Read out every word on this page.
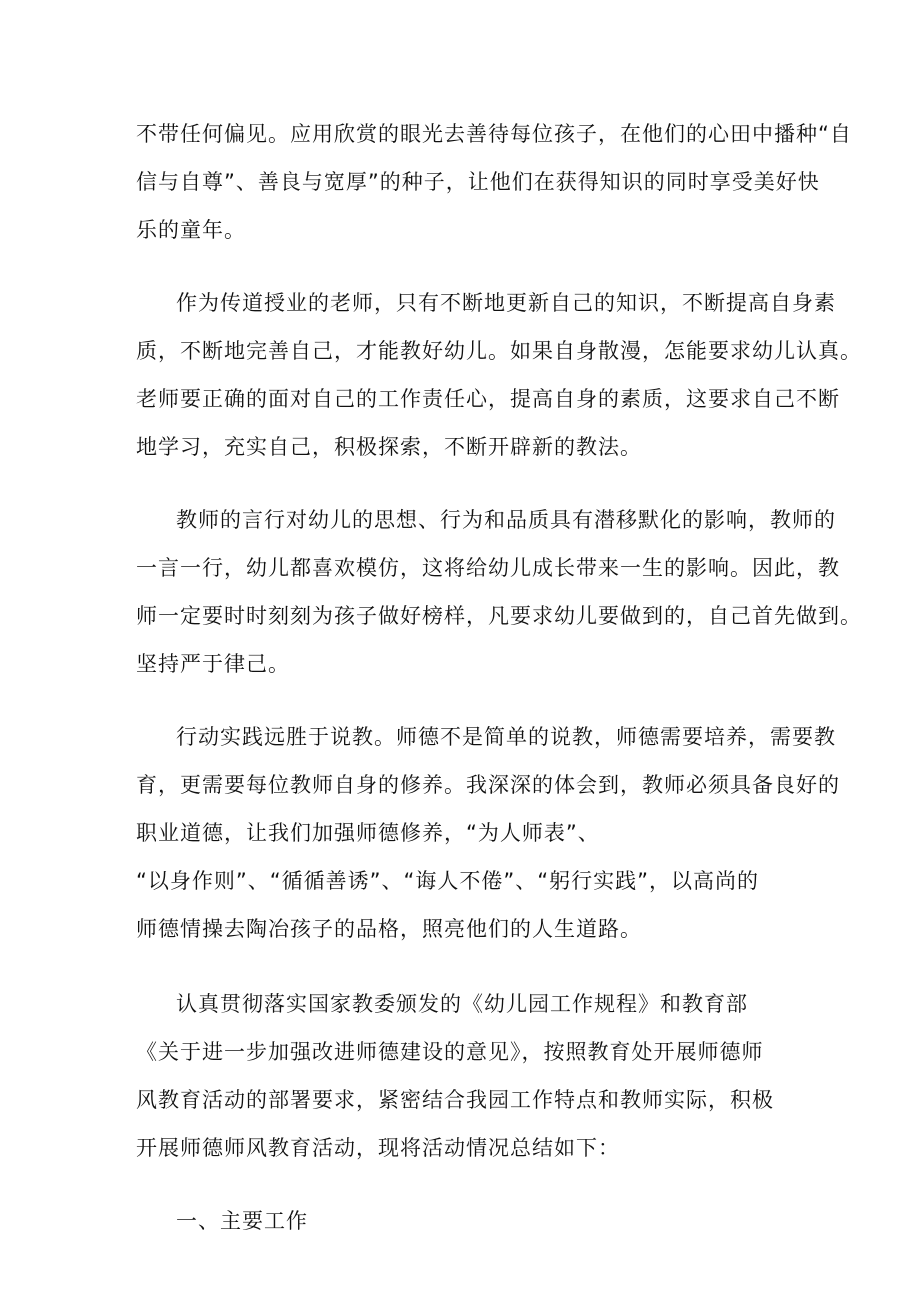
不带任何偏见。应用欣赏的眼光去善待每位孩子，在他们的心田中播种“自
信与自尊”、善良与宽厚”的种子，让他们在获得知识的同时享受美好快
乐的童年。
作为传道授业的老师，只有不断地更新自己的知识，不断提高自身素
质，不断地完善自己，才能教好幼儿。如果自身散漫，怎能要求幼儿认真。
老师要正确的面对自己的工作责任心，提高自身的素质，这要求自己不断
地学习，充实自己，积极探索，不断开辟新的教法。
教师的言行对幼儿的思想、行为和品质具有潜移默化的影响，教师的
一言一行，幼儿都喜欢模仿，这将给幼儿成长带来一生的影响。因此，教
师一定要时时刻刻为孩子做好榜样，凡要求幼儿要做到的，自己首先做到。
坚持严于律己。
行动实践远胜于说教。师德不是简单的说教，师德需要培养，需要教
育，更需要每位教师自身的修养。我深深的体会到，教师必须具备良好的
职业道德，让我们加强师德修养，“为人师表”、
“以身作则”、“循循善诱”、“诲人不倦”、“躬行实践”，以高尚的
师德情操去陶冶孩子的品格，照亮他们的人生道路。
认真贯彻落实国家教委颁发的《幼儿园工作规程》和教育部
《关于进一步加强改进师德建设的意见》，按照教育处开展师德师
风教育活动的部署要求，紧密结合我园工作特点和教师实际，积极
开展师德师风教育活动，现将活动情况总结如下：
一、主要工作
